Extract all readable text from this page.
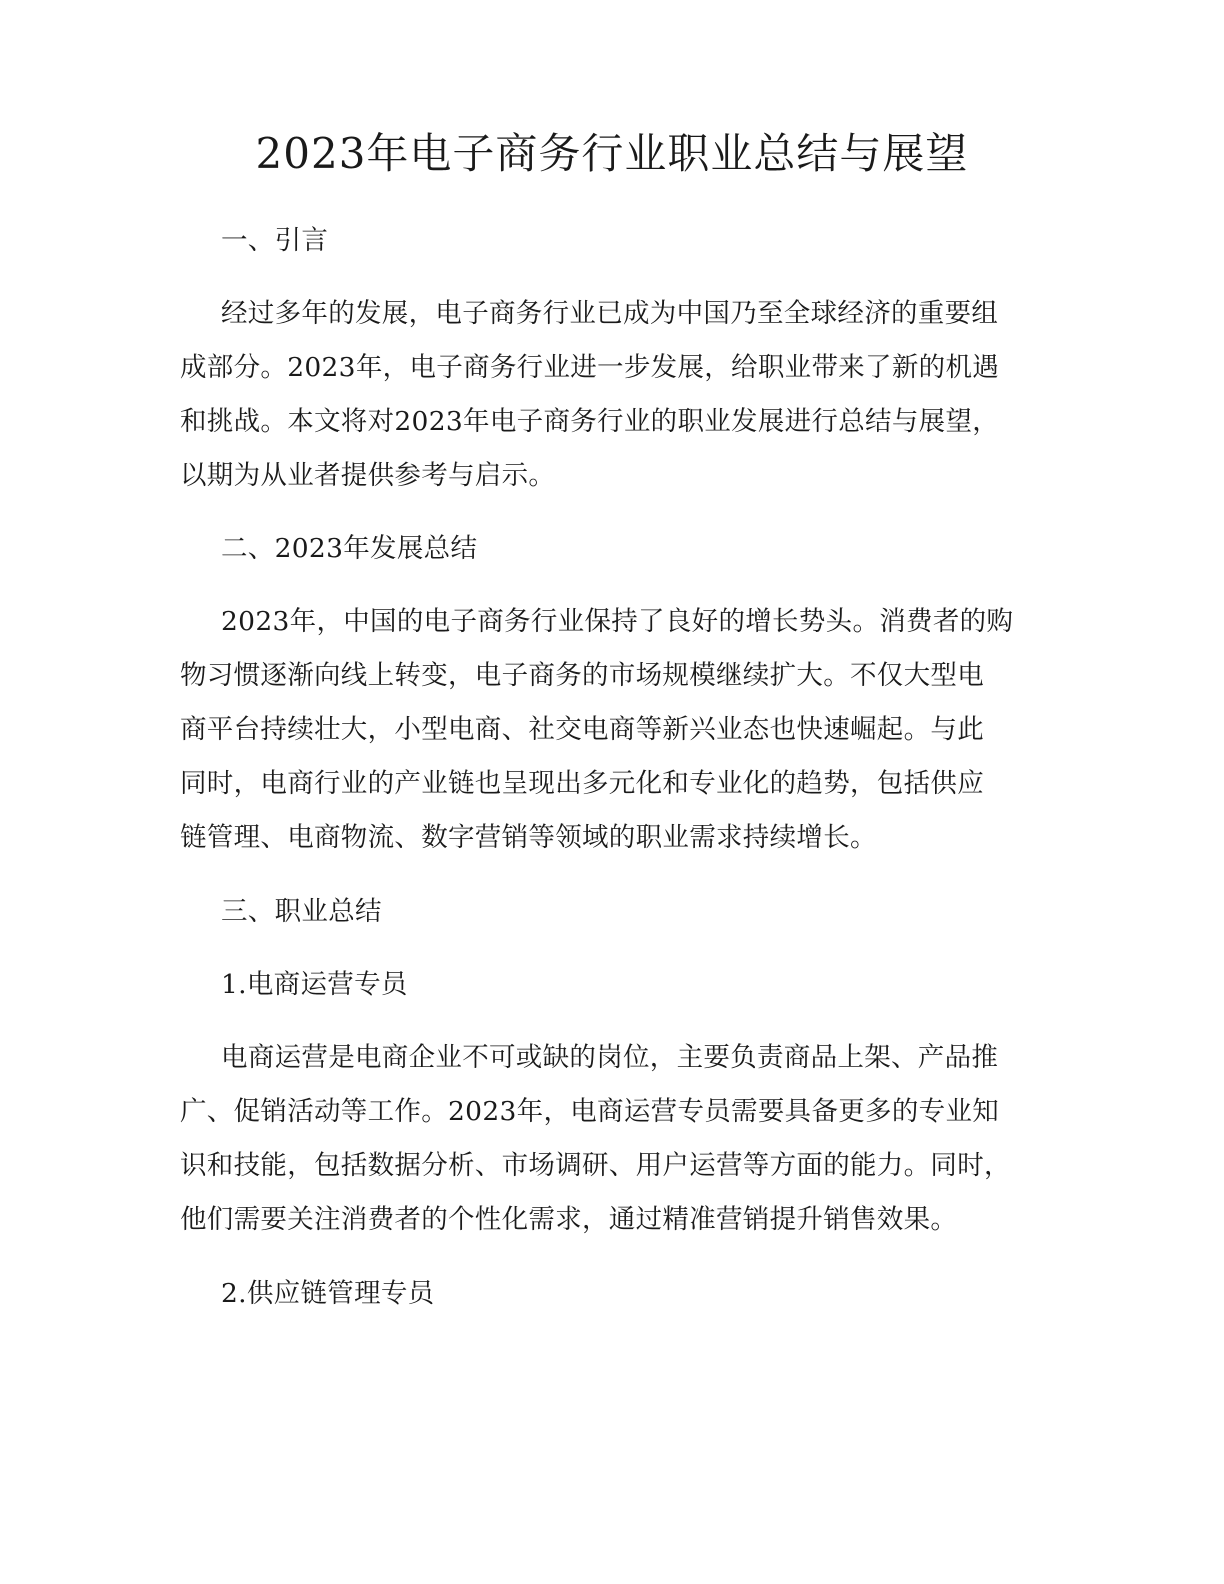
2023年电子商务行业职业总结与展望

一、引言

经过多年的发展，电子商务行业已成为中国乃至全球经济的重要组

成部分。2023年，电子商务行业进一步发展，给职业带来了新的机遇

和挑战。本文将对2023年电子商务行业的职业发展进行总结与展望，

以期为从业者提供参考与启示。

二、2023年发展总结

2023年，中国的电子商务行业保持了良好的增长势头。消费者的购

物习惯逐渐向线上转变，电子商务的市场规模继续扩大。不仅大型电

商平台持续壮大，小型电商、社交电商等新兴业态也快速崛起。与此

同时，电商行业的产业链也呈现出多元化和专业化的趋势，包括供应

链管理、电商物流、数字营销等领域的职业需求持续增长。

三、职业总结

1.电商运营专员

电商运营是电商企业不可或缺的岗位，主要负责商品上架、产品推

广、促销活动等工作。2023年，电商运营专员需要具备更多的专业知

识和技能，包括数据分析、市场调研、用户运营等方面的能力。同时，

他们需要关注消费者的个性化需求，通过精准营销提升销售效果。

2.供应链管理专员
